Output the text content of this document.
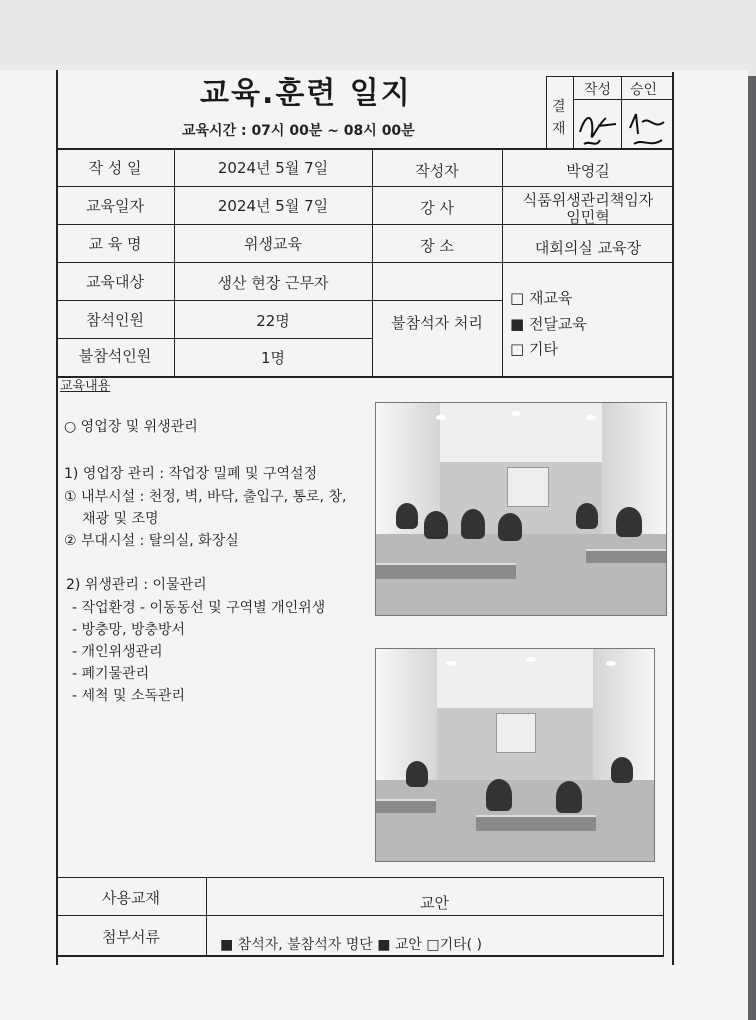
교육.훈련 일지
교육시간 : 07시 00분 ~ 08시 00분
결
재
작성 승인
작 성 일	2024년 5월 7일	작성자	박영길
교육일자	2024년 5월 7일	강 사	식품위생관리책임자
임민혁
교 육 명	위생교육	장 소	대회의실 교육장
교육대상	생산 현장 근무자
참석인원	22명
불참석인원	1명
불참석자 처리
□ 재교육
■ 전달교육
□ 기타
교육내용
○ 영업장 및 위생관리
1) 영업장 관리 : 작업장 밀폐 및 구역설정
① 내부시설 : 천정, 벽, 바닥, 출입구, 통로, 창,
채광 및 조명
② 부대시설 : 탈의실, 화장실
2) 위생관리 : 이물관리
- 작업환경 - 이동동선 및 구역별 개인위생
- 방충망, 방충방서
- 개인위생관리
- 폐기물관리
- 세척 및 소독관리
사용교재	교안
첨부서류	■ 참석자, 불참석자 명단 ■ 교안 □기타( )
